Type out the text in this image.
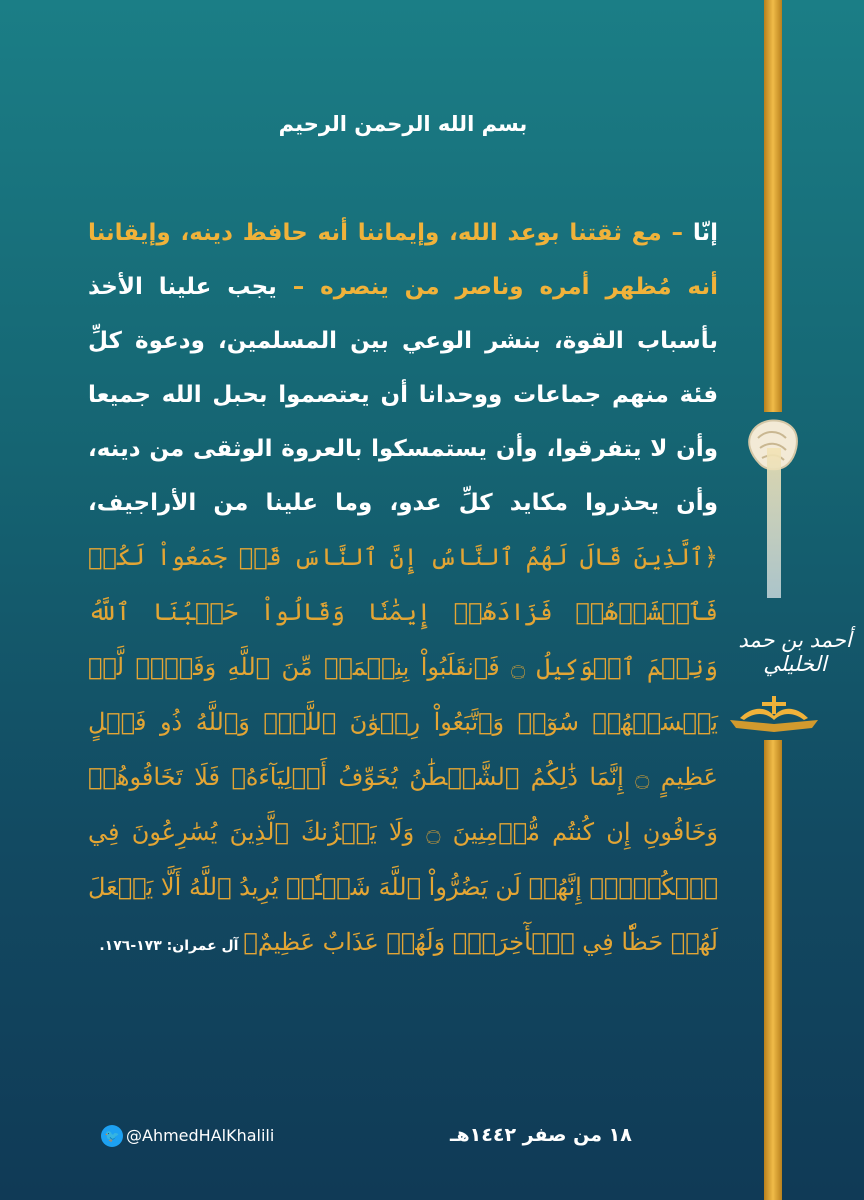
بسم الله الرحمن الرحيم
إنّا – مع ثقتنا بوعد الله، وإيماننا أنه حافظ دينه، وإيقاننا أنه مُظهر أمره وناصر من ينصره – يجب علينا الأخذ بأسباب القوة، بنشر الوعي بين المسلمين، ودعوة كلِّ فئة منهم جماعات ووحدانا أن يعتصموا بحبل الله جميعا وأن لا يتفرقوا، وأن يستمسكوا بالعروة الوثقى من دينه، وأن يحذروا مكايد كلِّ عدو، وما علينا من الأراجيف، ﴿ٱلَّذِينَ قَالَ لَهُمُ ٱلنَّاسُ إِنَّ ٱلنَّاسَ قَدۡ جَمَعُواْ لَكُمۡ فَٱخۡشَوۡهُمۡ فَزَادَهُمۡ إِيمَٰنٗا وَقَالُواْ حَسۡبُنَا ٱللَّهُ وَنِعۡمَ ٱلۡوَكِيلُ ۝ فَٱنقَلَبُواْ بِنِعۡمَةٖ مِّنَ ٱللَّهِ وَفَضۡلٖ لَّمۡ يَمۡسَسۡهُمۡ سُوٓءٞ وَٱتَّبَعُواْ رِضۡوَٰنَ ٱللَّهِۗ وَٱللَّهُ ذُو فَضۡلٍ عَظِيمٍ ۝ إِنَّمَا ذَٰلِكُمُ ٱلشَّيۡطَٰنُ يُخَوِّفُ أَوۡلِيَآءَهُۥ فَلَا تَخَافُوهُمۡ وَخَافُونِ إِن كُنتُم مُّؤۡمِنِينَ ۝ وَلَا يَحۡزُنكَ ٱلَّذِينَ يُسَٰرِعُونَ فِي ٱلۡكُفۡرِۚ إِنَّهُمۡ لَن يَضُرُّواْ ٱللَّهَ شَيۡـٔٗاۗ يُرِيدُ ٱللَّهُ أَلَّا يَجۡعَلَ لَهُمۡ حَظّٗا فِي ٱلۡأٓخِرَةِۖ وَلَهُمۡ عَذَابٌ عَظِيمٌ﴾ آل عمران: ١٧٣-١٧٦.
أحمد بن حمد الخليلي
🐦 @AhmedHAlKhalili	١٨ من صفر ١٤٤٢هـ
